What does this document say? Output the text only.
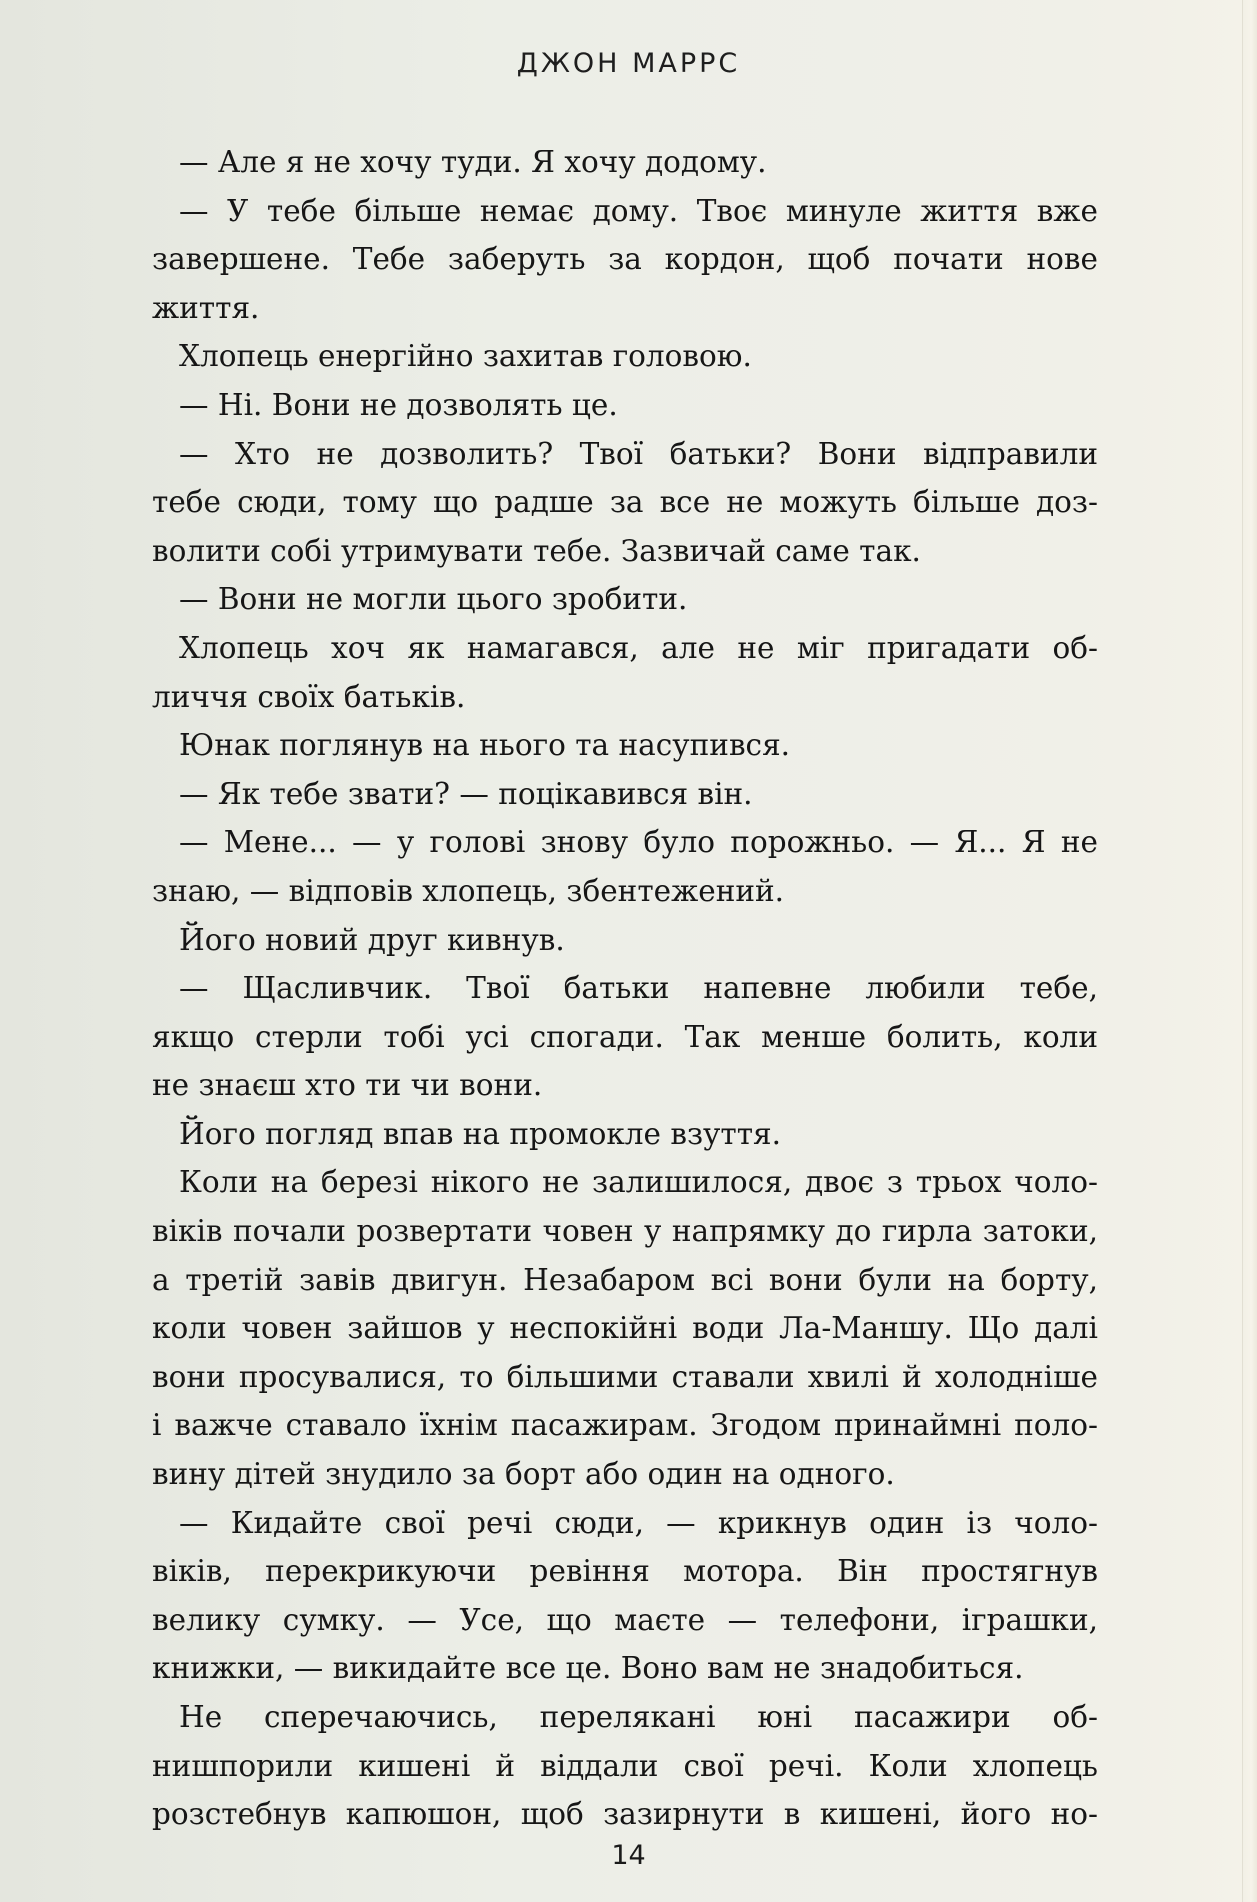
ДЖОН МАРРС
— Але я не хочу туди. Я хочу додому.
— У тебе більше немає дому. Твоє минуле життя вже
завершене. Тебе заберуть за кордон, щоб почати нове
життя.
Хлопець енергійно захитав головою.
— Ні. Вони не дозволять це.
— Хто не дозволить? Твої батьки? Вони відправили
тебе сюди, тому що радше за все не можуть більше доз-
волити собі утримувати тебе. Зазвичай саме так.
— Вони не могли цього зробити.
Хлопець хоч як намагався, але не міг пригадати об-
личчя своїх батьків.
Юнак поглянув на нього та насупився.
— Як тебе звати? — поцікавився він.
— Мене... — у голові знову було порожньо. — Я... Я не
знаю, — відповів хлопець, збентежений.
Його новий друг кивнув.
— Щасливчик. Твої батьки напевне любили тебе,
якщо стерли тобі усі спогади. Так менше болить, коли
не знаєш хто ти чи вони.
Його погляд впав на промокле взуття.
Коли на березі нікого не залишилося, двоє з трьох чоло-
віків почали розвертати човен у напрямку до гирла затоки,
а третій завів двигун. Незабаром всі вони були на борту,
коли човен зайшов у неспокійні води Ла-Маншу. Що далі
вони просувалися, то більшими ставали хвилі й холодніше
і важче ставало їхнім пасажирам. Згодом принаймні поло-
вину дітей знудило за борт або один на одного.
— Кидайте свої речі сюди, — крикнув один із чоло-
віків, перекрикуючи ревіння мотора. Він простягнув
велику сумку. — Усе, що маєте — телефони, іграшки,
книжки, — викидайте все це. Воно вам не знадобиться.
Не сперечаючись, перелякані юні пасажири об-
нишпорили кишені й віддали свої речі. Коли хлопець
розстебнув капюшон, щоб зазирнути в кишені, його но-
14
